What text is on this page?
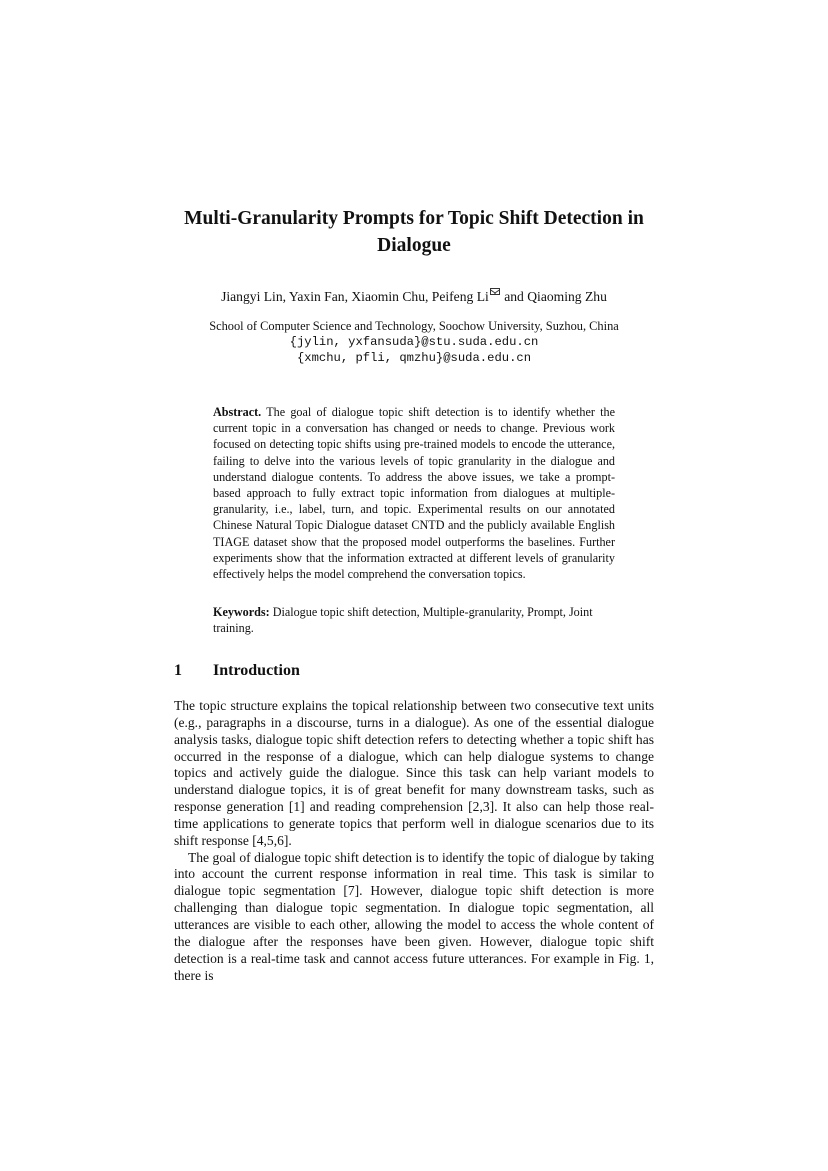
Multi-Granularity Prompts for Topic Shift Detection in Dialogue
Jiangyi Lin, Yaxin Fan, Xiaomin Chu, Peifeng Li and Qiaoming Zhu
School of Computer Science and Technology, Soochow University, Suzhou, China
{jylin, yxfansuda}@stu.suda.edu.cn
{xmchu, pfli, qmzhu}@suda.edu.cn

Abstract. The goal of dialogue topic shift detection is to identify whether the current topic in a conversation has changed or needs to change. Previous work focused on detecting topic shifts using pre-trained models to encode the utterance, failing to delve into the various levels of topic granularity in the dialogue and understand dialogue contents. To address the above issues, we take a prompt-based approach to fully extract topic information from dialogues at multiple-granularity, i.e., label, turn, and topic. Experimental results on our annotated Chinese Natural Topic Dialogue dataset CNTD and the publicly available English TIAGE dataset show that the proposed model outperforms the baselines. Further experiments show that the information extracted at different levels of granularity effectively helps the model comprehend the conversation topics.

Keywords: Dialogue topic shift detection, Multiple-granularity, Prompt, Joint training.

1 Introduction

The topic structure explains the topical relationship between two consecutive text units (e.g., paragraphs in a discourse, turns in a dialogue). As one of the essential dialogue analysis tasks, dialogue topic shift detection refers to detecting whether a topic shift has occurred in the response of a dialogue, which can help dialogue systems to change topics and actively guide the dialogue. Since this task can help variant models to understand dialogue topics, it is of great benefit for many downstream tasks, such as response generation [1] and reading comprehension [2,3]. It also can help those real-time applications to generate topics that perform well in dialogue scenarios due to its shift response [4,5,6].

The goal of dialogue topic shift detection is to identify the topic of dialogue by taking into account the current response information in real time. This task is similar to dialogue topic segmentation [7]. However, dialogue topic shift detection is more challenging than dialogue topic segmentation. In dialogue topic segmentation, all utterances are visible to each other, allowing the model to access the whole content of the dialogue after the responses have been given. However, dialogue topic shift detection is a real-time task and cannot access future utterances. For example in Fig. 1, there is
